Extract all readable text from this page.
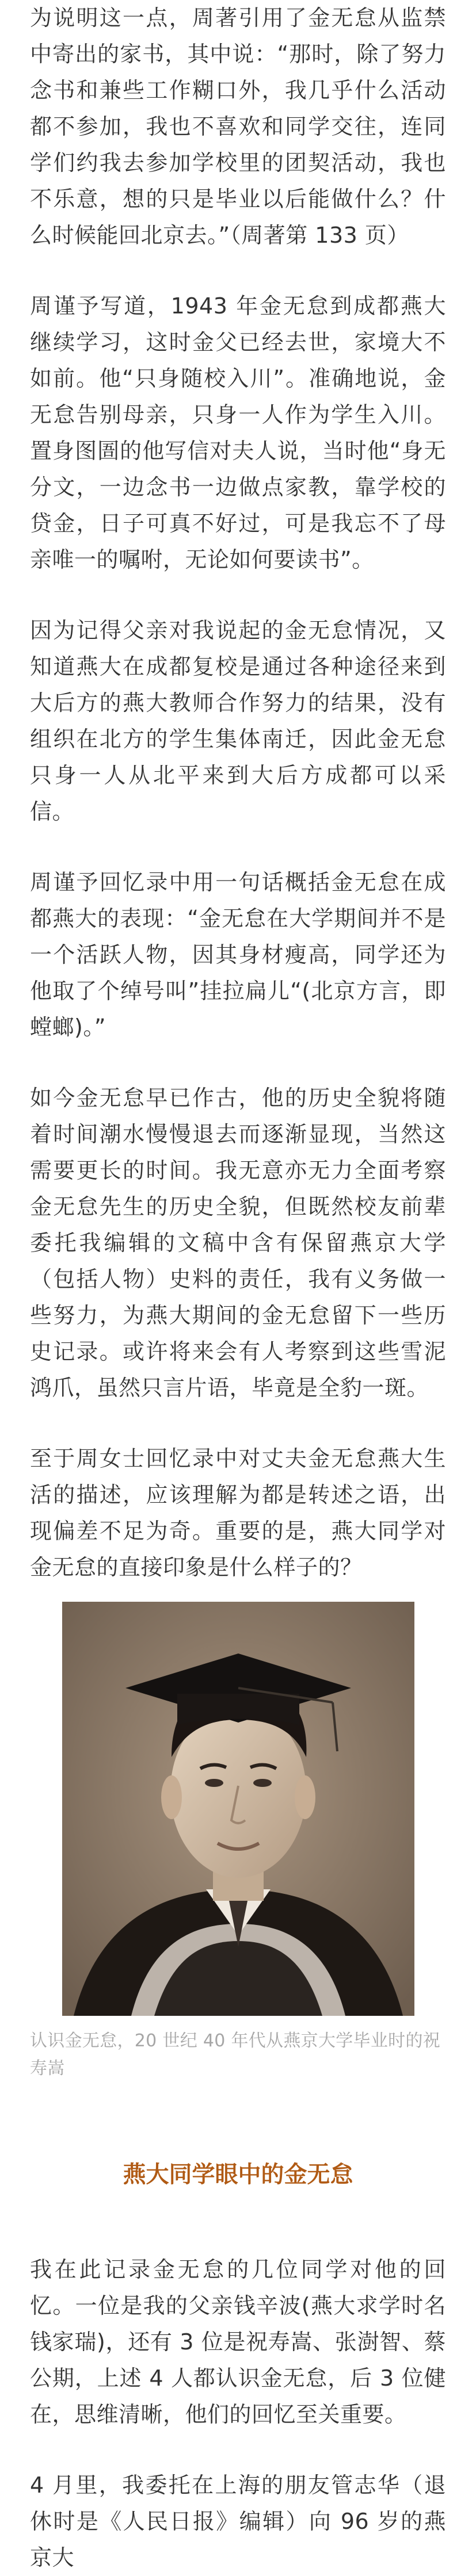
为说明这一点，周著引用了金无怠从监禁中寄出的家书，其中说：“那时，除了努力念书和兼些工作糊口外，我几乎什么活动都不参加，我也不喜欢和同学交往，连同学们约我去参加学校里的团契活动，我也不乐意，想的只是毕业以后能做什么？什么时候能回北京去。”（周著第 133 页）

周谨予写道，1943 年金无怠到成都燕大继续学习，这时金父已经去世，家境大不如前。他“只身随校入川”。准确地说，金无怠告别母亲，只身一人作为学生入川。置身图圄的他写信对夫人说，当时他“身无分文，一边念书一边做点家教，靠学校的贷金，日子可真不好过，可是我忘不了母亲唯一的嘱咐，无论如何要读书”。

因为记得父亲对我说起的金无怠情况，又知道燕大在成都复校是通过各种途径来到大后方的燕大教师合作努力的结果，没有组织在北方的学生集体南迁，因此金无怠只身一人从北平来到大后方成都可以采信。

周谨予回忆录中用一句话概括金无怠在成都燕大的表现：“金无怠在大学期间并不是一个活跃人物，因其身材瘦高，同学还为他取了个绰号叫”挂拉扁儿“(北京方言，即螳螂)。”

如今金无怠早已作古，他的历史全貌将随着时间潮水慢慢退去而逐渐显现，当然这需要更长的时间。我无意亦无力全面考察金无怠先生的历史全貌，但既然校友前辈委托我编辑的文稿中含有保留燕京大学（包括人物）史料的责任，我有义务做一些努力，为燕大期间的金无怠留下一些历史记录。或许将来会有人考察到这些雪泥鸿爪，虽然只言片语，毕竟是全豹一斑。

至于周女士回忆录中对丈夫金无怠燕大生活的描述，应该理解为都是转述之语，出现偏差不足为奇。重要的是，燕大同学对金无怠的直接印象是什么样子的？

认识金无怠，20 世纪 40 年代从燕京大学毕业时的祝寿嵩
燕大同学眼中的金无怠

我在此记录金无怠的几位同学对他的回忆。一位是我的父亲钱辛波(燕大求学时名钱家瑞)，还有 3 位是祝寿嵩、张澍智、蔡公期，上述 4 人都认识金无怠，后 3 位健在，思维清晰，他们的回忆至关重要。

4 月里，我委托在上海的朋友管志华（退休时是《人民日报》编辑）向 96 岁的燕京大
